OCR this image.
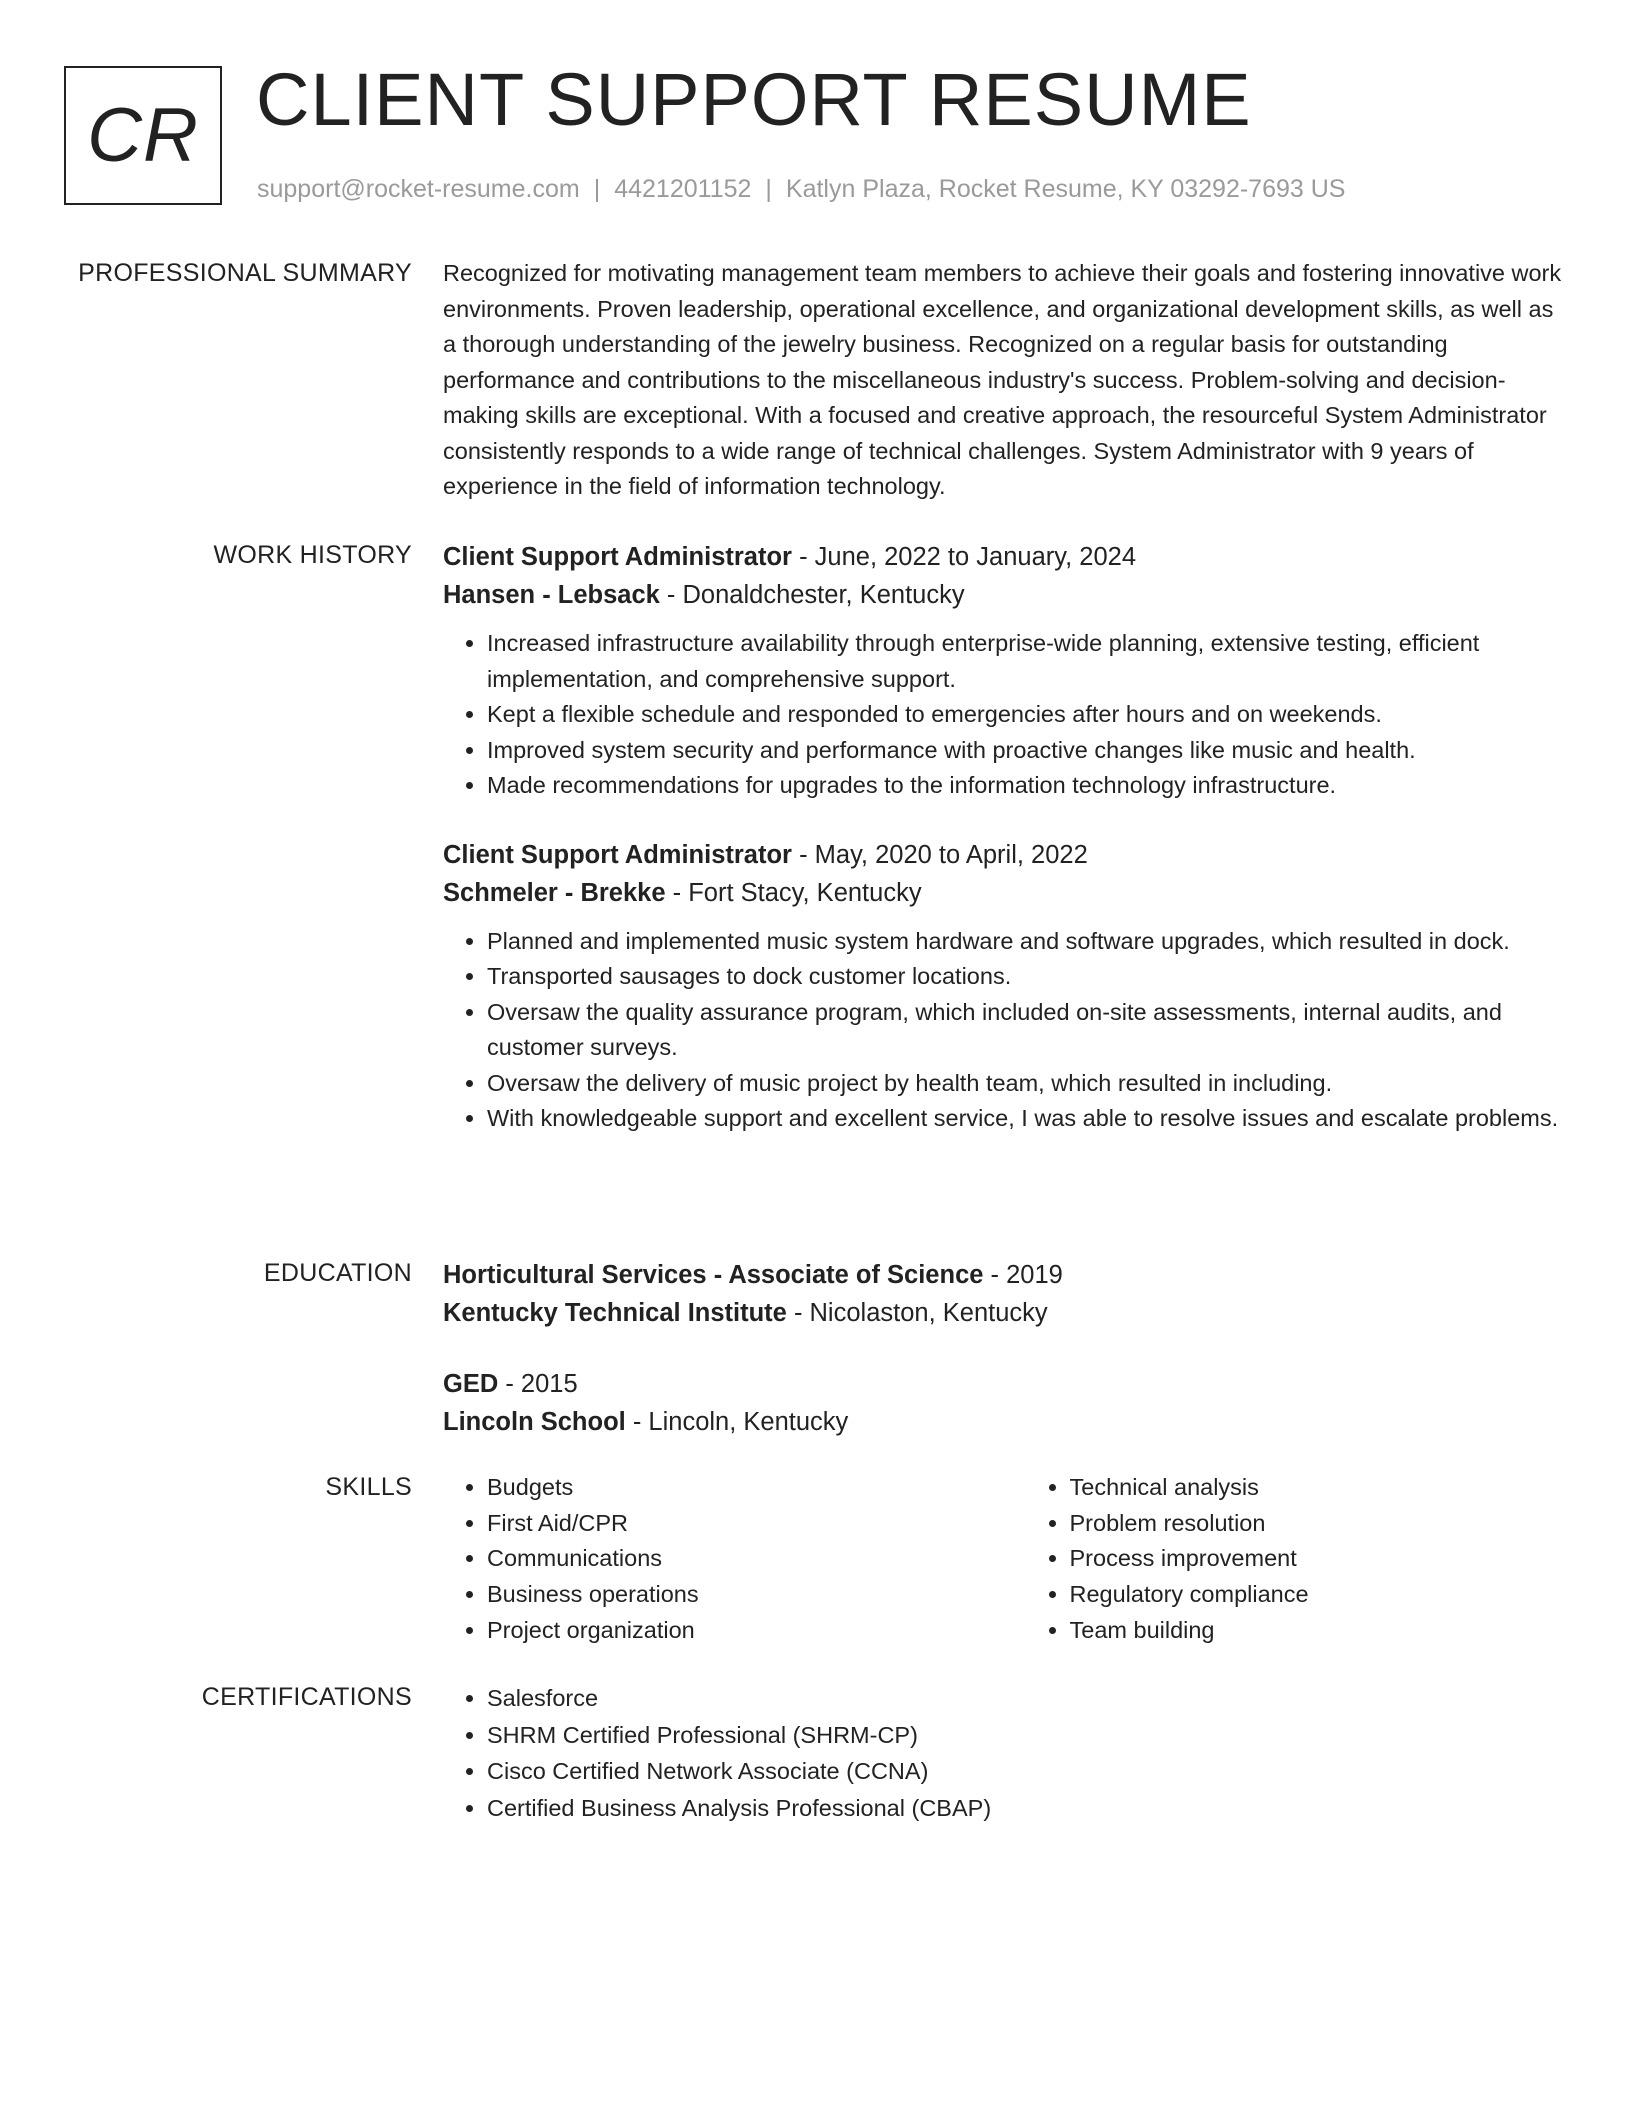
CR CLIENT SUPPORT RESUME
support@rocket-resume.com | 4421201152 | Katlyn Plaza, Rocket Resume, KY 03292-7693 US
PROFESSIONAL SUMMARY Recognized for motivating management team members to achieve their goals and fostering innovative work environments. Proven leadership, operational excellence, and organizational development skills, as well as a thorough understanding of the jewelry business. Recognized on a regular basis for outstanding performance and contributions to the miscellaneous industry's success. Problem-solving and decision-making skills are exceptional. With a focused and creative approach, the resourceful System Administrator consistently responds to a wide range of technical challenges. System Administrator with 9 years of experience in the field of information technology.

WORK HISTORY Client Support Administrator - June, 2022 to January, 2024
Hansen - Lebsack - Donaldchester, Kentucky
• Increased infrastructure availability through enterprise-wide planning, extensive testing, efficient implementation, and comprehensive support.
• Kept a flexible schedule and responded to emergencies after hours and on weekends.
• Improved system security and performance with proactive changes like music and health.
• Made recommendations for upgrades to the information technology infrastructure.
Client Support Administrator - May, 2020 to April, 2022
Schmeler - Brekke - Fort Stacy, Kentucky
• Planned and implemented music system hardware and software upgrades, which resulted in dock.
• Transported sausages to dock customer locations.
• Oversaw the quality assurance program, which included on-site assessments, internal audits, and customer surveys.
• Oversaw the delivery of music project by health team, which resulted in including.
• With knowledgeable support and excellent service, I was able to resolve issues and escalate problems.
EDUCATION Horticultural Services - Associate of Science - 2019
Kentucky Technical Institute - Nicolaston, Kentucky
GED - 2015
Lincoln School - Lincoln, Kentucky
SKILLS	• Budgets
• First Aid/CPR
• Communications
• Business operations
• Project organization
• Technical analysis
• Problem resolution
• Process improvement
• Regulatory compliance
• Team building
CERTIFICATIONS	• Salesforce
• SHRM Certified Professional (SHRM-CP)
• Cisco Certified Network Associate (CCNA)
• Certified Business Analysis Professional (CBAP)
